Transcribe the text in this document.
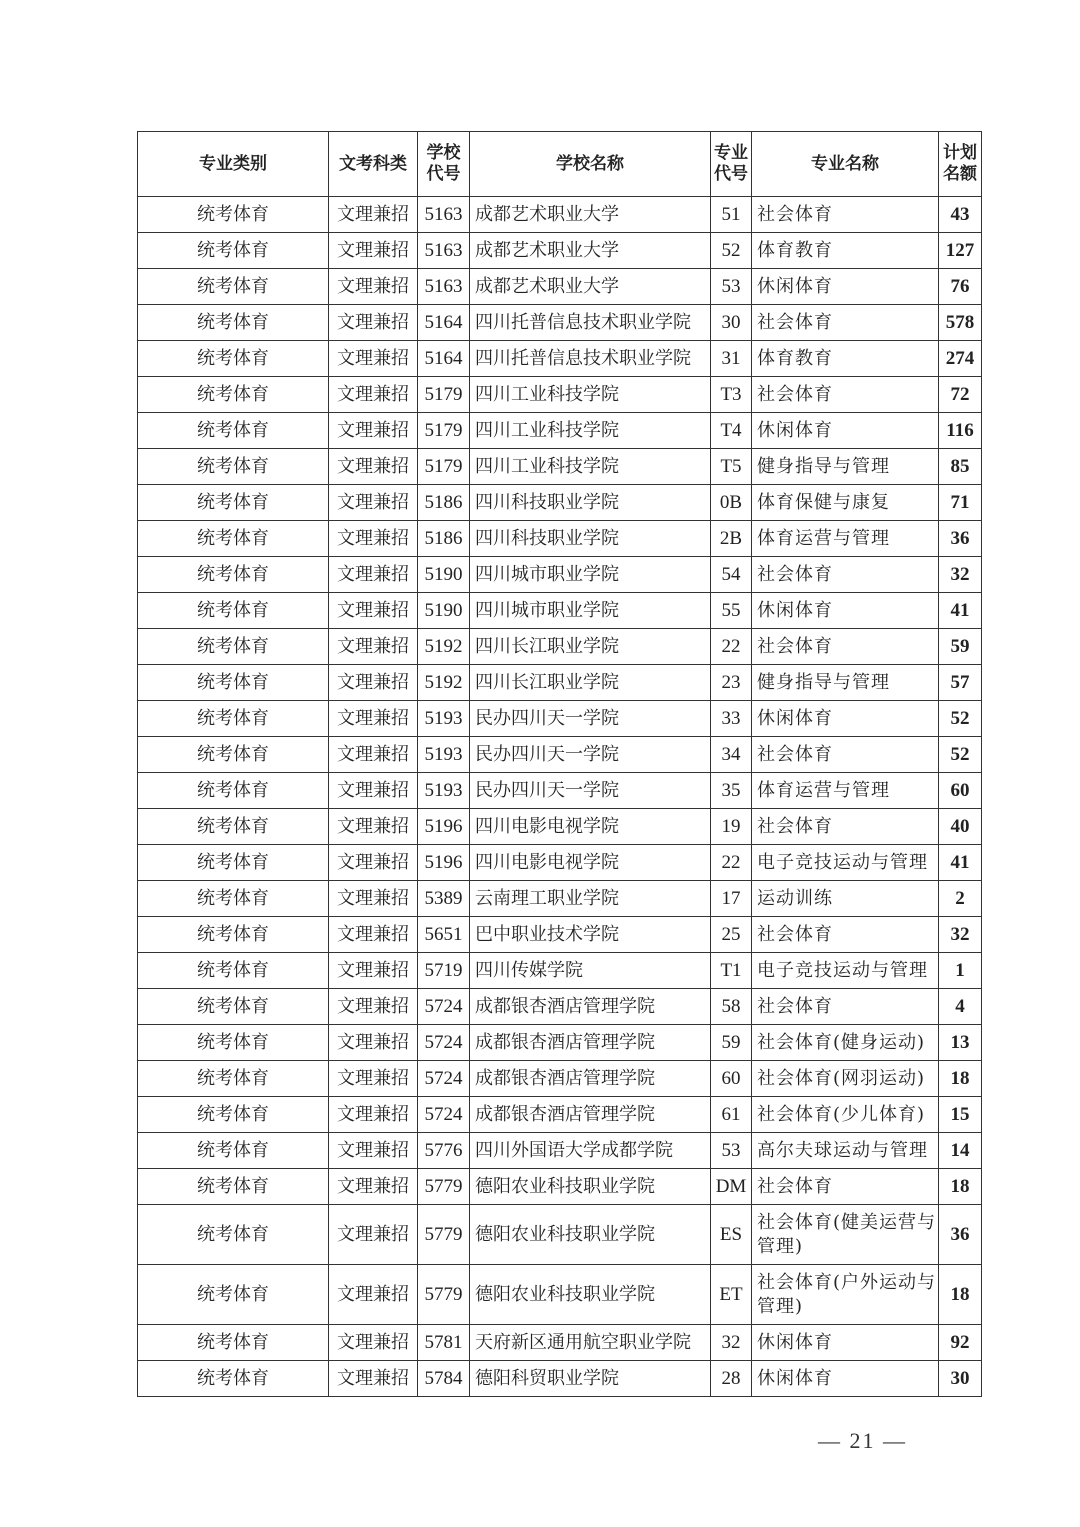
专业类别	文考科类	学校代号	学校名称	专业代号	专业名称	计划名额
统考体育	文理兼招	5163	成都艺术职业大学	51	社会体育	43
统考体育	文理兼招	5163	成都艺术职业大学	52	体育教育	127
统考体育	文理兼招	5163	成都艺术职业大学	53	休闲体育	76
统考体育	文理兼招	5164	四川托普信息技术职业学院	30	社会体育	578
统考体育	文理兼招	5164	四川托普信息技术职业学院	31	体育教育	274
统考体育	文理兼招	5179	四川工业科技学院	T3	社会体育	72
统考体育	文理兼招	5179	四川工业科技学院	T4	休闲体育	116
统考体育	文理兼招	5179	四川工业科技学院	T5	健身指导与管理	85
统考体育	文理兼招	5186	四川科技职业学院	0B	体育保健与康复	71
统考体育	文理兼招	5186	四川科技职业学院	2B	体育运营与管理	36
统考体育	文理兼招	5190	四川城市职业学院	54	社会体育	32
统考体育	文理兼招	5190	四川城市职业学院	55	休闲体育	41
统考体育	文理兼招	5192	四川长江职业学院	22	社会体育	59
统考体育	文理兼招	5192	四川长江职业学院	23	健身指导与管理	57
统考体育	文理兼招	5193	民办四川天一学院	33	休闲体育	52
统考体育	文理兼招	5193	民办四川天一学院	34	社会体育	52
统考体育	文理兼招	5193	民办四川天一学院	35	体育运营与管理	60
统考体育	文理兼招	5196	四川电影电视学院	19	社会体育	40
统考体育	文理兼招	5196	四川电影电视学院	22	电子竞技运动与管理	41
统考体育	文理兼招	5389	云南理工职业学院	17	运动训练	2
统考体育	文理兼招	5651	巴中职业技术学院	25	社会体育	32
统考体育	文理兼招	5719	四川传媒学院	T1	电子竞技运动与管理	1
统考体育	文理兼招	5724	成都银杏酒店管理学院	58	社会体育	4
统考体育	文理兼招	5724	成都银杏酒店管理学院	59	社会体育(健身运动)	13
统考体育	文理兼招	5724	成都银杏酒店管理学院	60	社会体育(网羽运动)	18
统考体育	文理兼招	5724	成都银杏酒店管理学院	61	社会体育(少儿体育)	15
统考体育	文理兼招	5776	四川外国语大学成都学院	53	高尔夫球运动与管理	14
统考体育	文理兼招	5779	德阳农业科技职业学院	DM	社会体育	18
统考体育	文理兼招	5779	德阳农业科技职业学院	ES	社会体育(健美运营与管理)	36
统考体育	文理兼招	5779	德阳农业科技职业学院	ET	社会体育(户外运动与管理)	18
统考体育	文理兼招	5781	天府新区通用航空职业学院	32	休闲体育	92
统考体育	文理兼招	5784	德阳科贸职业学院	28	休闲体育	30
— 21 —
